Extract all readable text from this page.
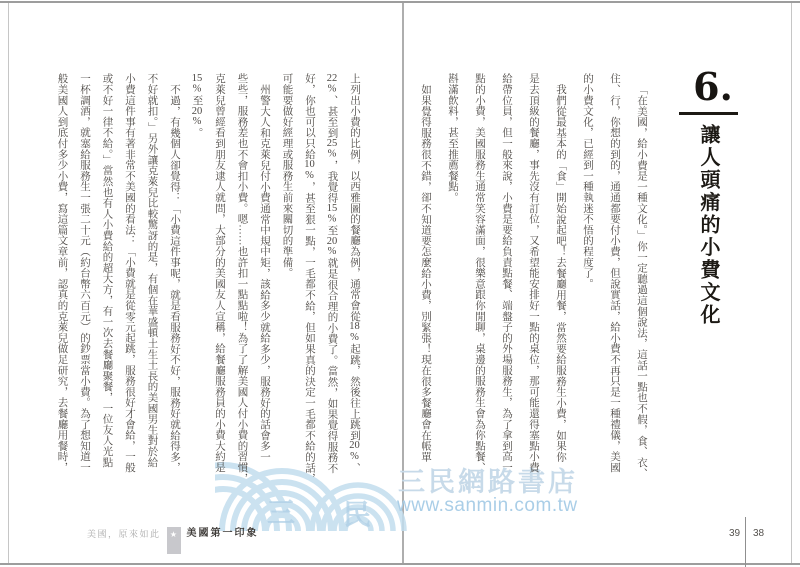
三 民
三民網路書店
www.sanmin.com.tw
6.
讓人頭痛的小費文化

「在美國，給小費是一種文化。」你一定聽過這個說法，這話一點也不假，食、衣、

住、行，你想的到的，通通都要付小費，但說實話，給小費不再只是一種禮儀，美國

的小費文化，已經到一種執迷不悟的程度了。

我們從最基本的「食」開始說起吧！去餐廳用餐，當然要給服務生小費，如果你

是去頂級的餐廳，事先沒有訂位，又希望能安排好一點的桌位，那可能還得塞點小費

給帶位員，但一般來說，小費是要給負責點餐、端盤子的外場服務生，為了拿到高一

點的小費，美國服務生通常笑容滿面，很樂意跟你閒聊，桌邊的服務生會為你點餐、

斟滿飲料，甚至推薦餐點。

如果覺得服務很不錯，卻不知道要怎麼給小費，別緊張！現在很多餐廳會在帳單

上列出小費的比例，以西雅圖的餐廳為例，通常會從18%起跳，然後往上跳到20%、

22%、甚至到25%，我覺得15%至20%就是很合理的小費了。當然，如果覺得服務不

好，你也可以只給10%，甚至狠一點，一毛都不給，但如果真的決定一毛都不給的話，

可能要做好經理或服務生前來關切的準備。

州警大人和克萊兒付小費通常中規中矩，該給多少就給多少，服務好的話會多一

些些，服務差也不會扣小費。嗯……也許扣一點點啦！為了了解美國人付小費的習慣，

克萊兒曾經看到朋友逮人就問，大部分的美國友人宣稱，給餐廳服務員的小費大約是

15%至20%。

不過，有幾個人卻覺得：「小費這件事呢，就是看服務好不好，服務好就給得多，

不好就扣。」另外讓克萊兒比較驚訝的是，有個在華盛頓土生土長的美國男生對於給

小費這件事有著非常不美國的看法：「小費就是從零元起跳，服務很好才會給，一般

或不好一律不給。」當然也有人小費給的超大方，有一次去餐廳聚餐，一位友人光點

一杯調酒，就塞給服務生一張二十元（約台幣六百元）的鈔票當小費。為了想知道一

般美國人到底付多少小費，寫這篇文章前，認真的克萊兒做足研究，去餐廳用餐時，

美國，原來如此 ★ 美國第一印象	39 38
